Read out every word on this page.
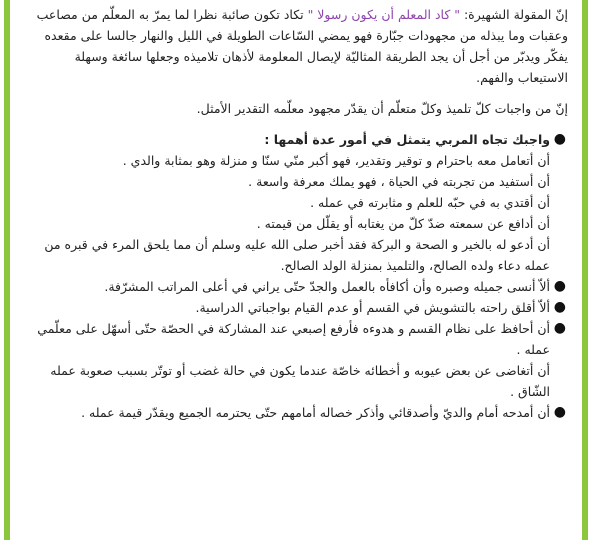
إنّ المقولة الشهيرة: " كاد المعلم أن يكون رسولا " تكاد تكون صائبة نظرا لما يمرّ به المعلّم من مصاعب وعقبات وما يبذله من مجهودات جبّارة فهو يمضي السّاعات الطويلة في الليل والنهار جالسا على مقعده يفكّر ويدبّر من أجل أن يجد الطريقة المثاليّة لإيصال المعلومة لأذهان تلاميذه وجعلها سائغة وسهلة الاستيعاب والفهم.

إنّ من واجبات كلّ تلميذ وكلّ متعلّم أن يقدّر مجهود معلّمه التقدير الأمثل.

●
واجبك تجاه المربي يتمثل في أمور عدة أهمها :
أن أتعامل معه باحترام و توقير وتقدير، فهو أكبر منّي سنّا و منزلة وهو بمثابة والدي .
أن أستفيد من تجربته في الحياة ، فهو يملك معرفة واسعة .
أن أقتدي به في حبّه للعلم و مثابرته في عمله .
أن أدافع عن سمعته ضدّ كلّ من يغتابه أو يقلّل من قيمته .
أن أدعو له بالخير و الصحة و البركة فقد أخبر صلى الله عليه وسلم أن مما يلحق المرء في قبره من عمله دعاء ولده الصالح، والتلميذ بمنزلة الولد الصالح.
●
ألاّ أنسى جميله وصبره وأن أكافأه بالعمل والجدّ حتّى يراني في أعلى المراتب المشرّفة.
●
ألاّ أقلق راحته بالتشويش في القسم أو عدم القيام بواجباتي الدراسية.
●
أن أحافظ على نظام القسم و هدوءه فأرفع إصبعي عند المشاركة في الحصّة حتّى أسهّل على معلّمي عمله .
أن أتغاضى عن بعض عيوبه و أخطائه خاصّة عندما يكون في حالة غضب أو توتّر بسبب صعوبة عمله الشّاق .
●
أن أمدحه أمام والديّ وأصدقائي وأذكر خصاله أمامهم حتّى يحترمه الجميع ويقدّر قيمة عمله .
